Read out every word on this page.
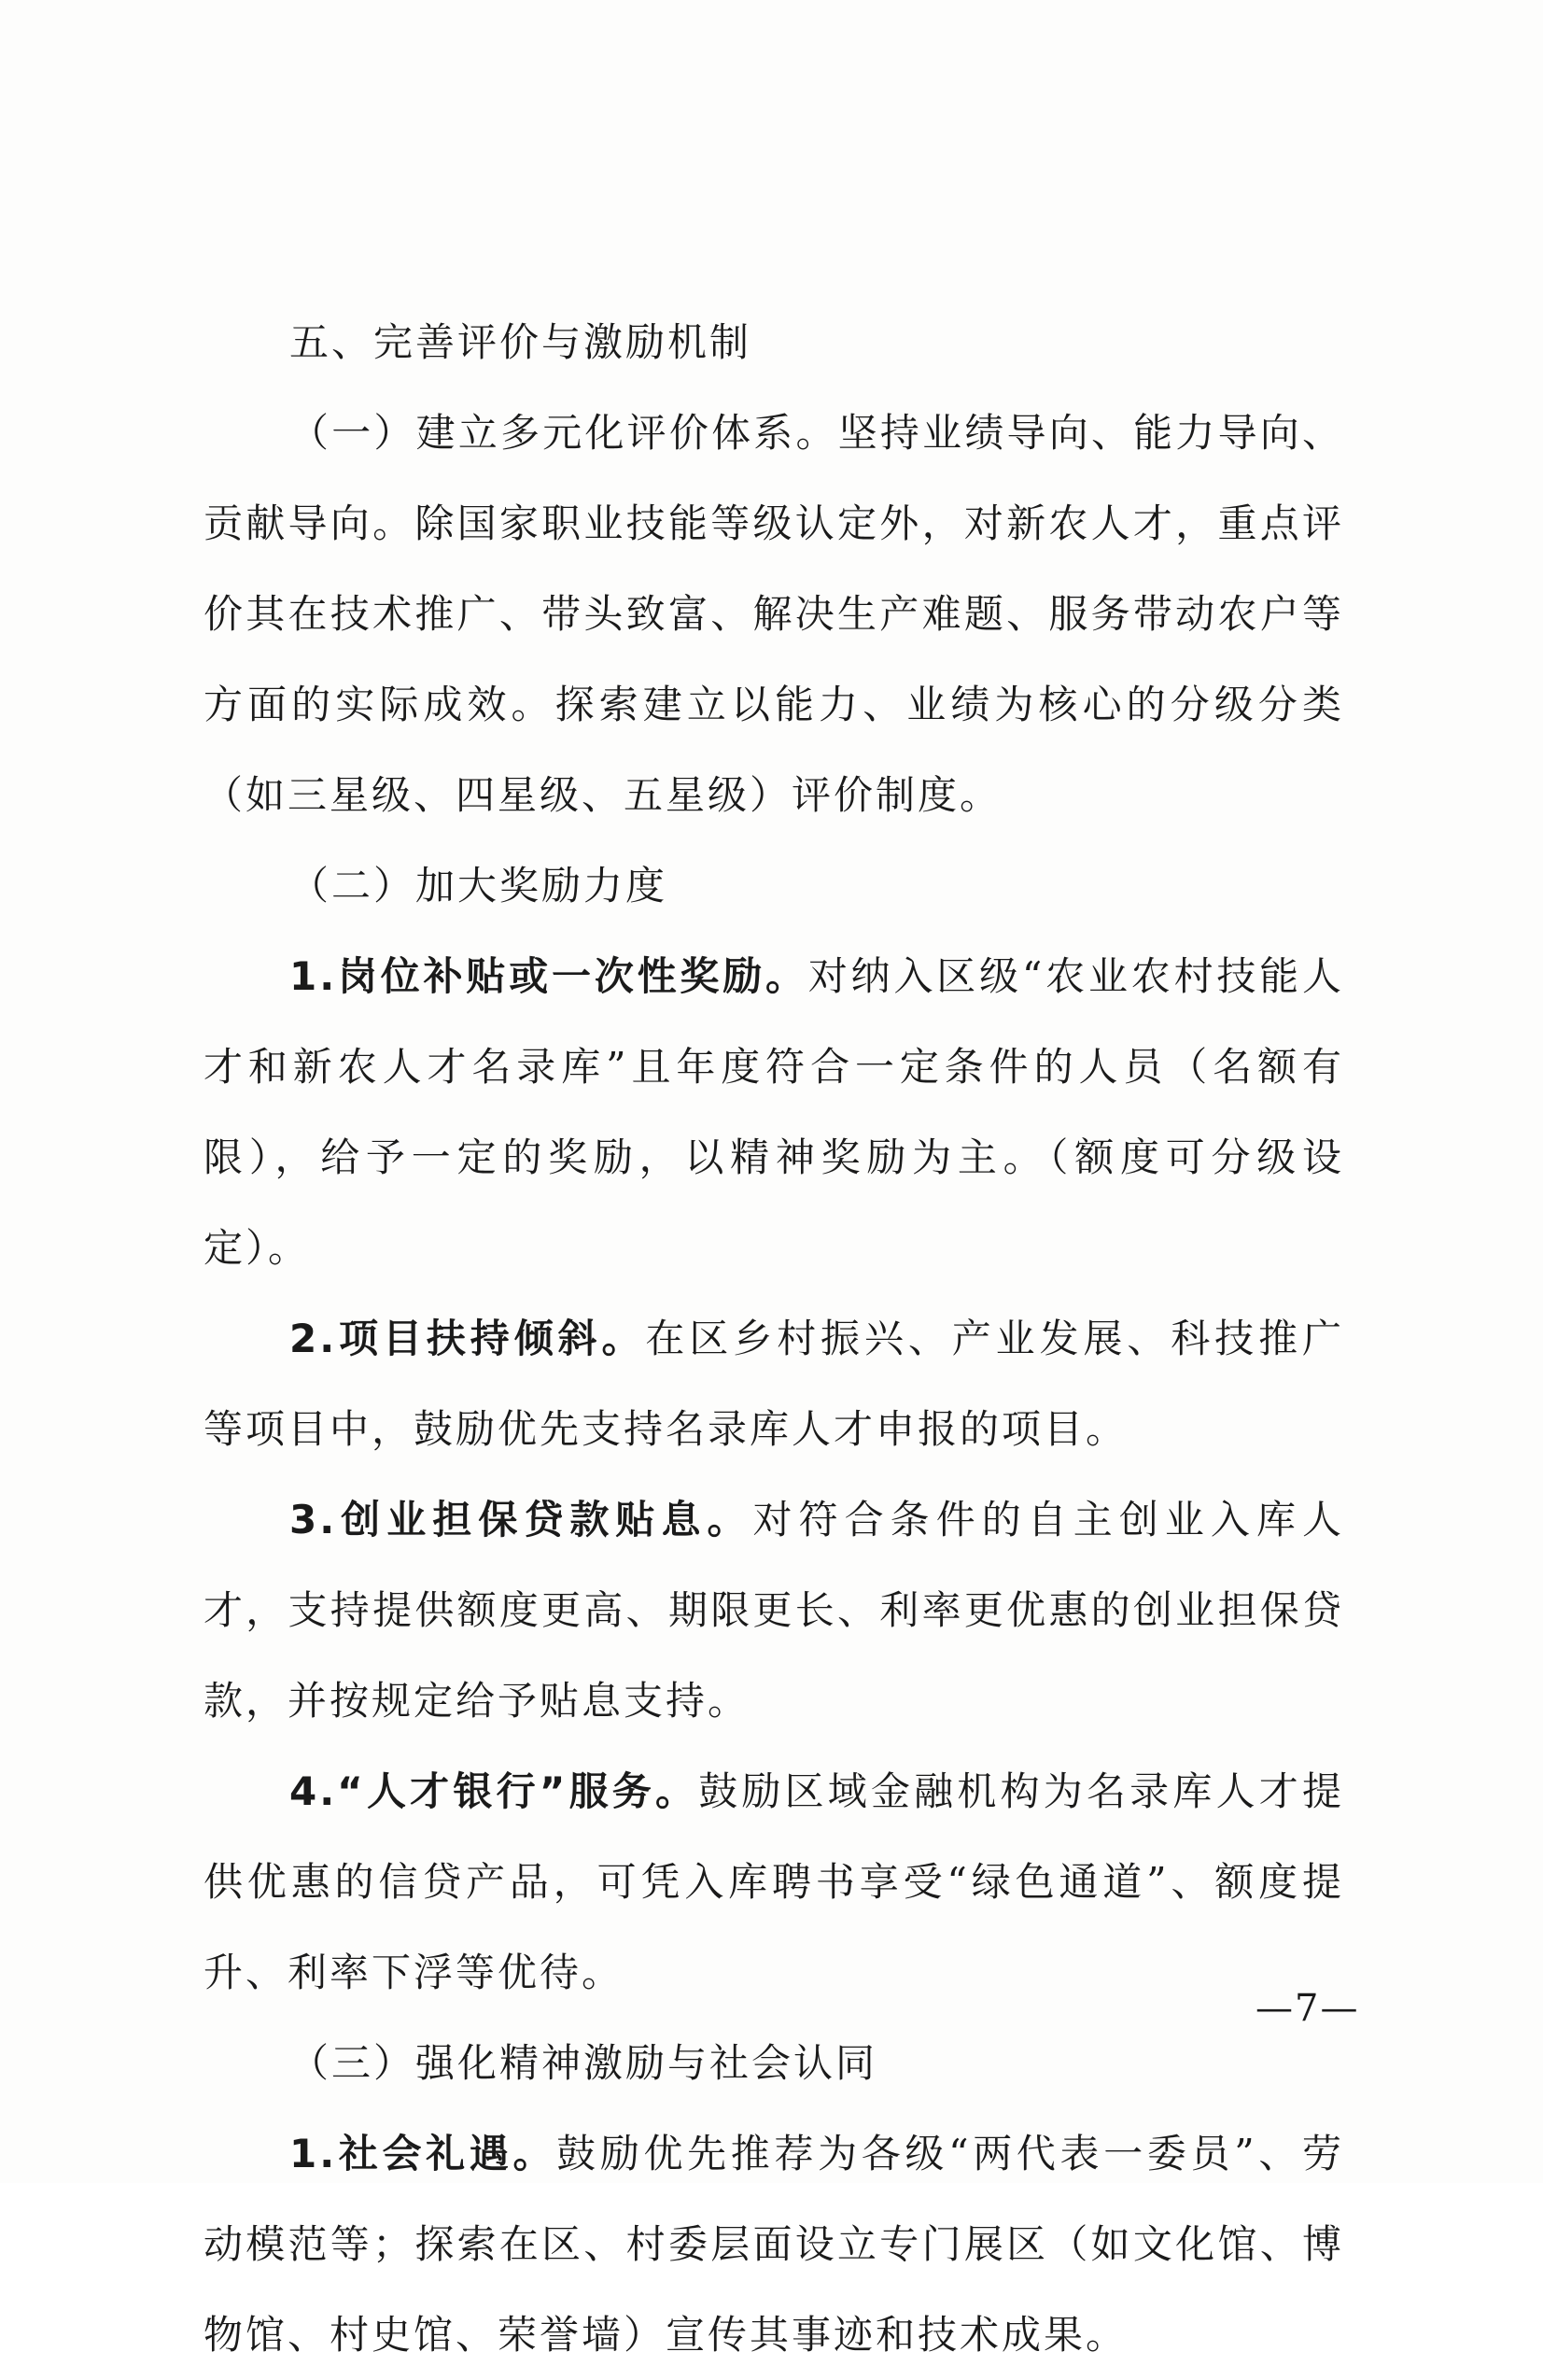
五、完善评价与激励机制

（一）建立多元化评价体系。坚持业绩导向、能力导向、贡献导向。除国家职业技能等级认定外，对新农人才，重点评价其在技术推广、带头致富、解决生产难题、服务带动农户等方面的实际成效。探索建立以能力、业绩为核心的分级分类（如三星级、四星级、五星级）评价制度。

（二）加大奖励力度

1.岗位补贴或一次性奖励。对纳入区级“农业农村技能人才和新农人才名录库”且年度符合一定条件的人员（名额有限），给予一定的奖励，以精神奖励为主。（额度可分级设定）。

2.项目扶持倾斜。在区乡村振兴、产业发展、科技推广等项目中，鼓励优先支持名录库人才申报的项目。

3.创业担保贷款贴息。对符合条件的自主创业入库人才，支持提供额度更高、期限更长、利率更优惠的创业担保贷款，并按规定给予贴息支持。

4.“人才银行”服务。鼓励区域金融机构为名录库人才提供优惠的信贷产品，可凭入库聘书享受“绿色通道”、额度提升、利率下浮等优待。

（三）强化精神激励与社会认同

1.社会礼遇。鼓励优先推荐为各级“两代表一委员”、劳动模范等；探索在区、村委层面设立专门展区（如文化馆、博物馆、村史馆、荣誉墙）宣传其事迹和技术成果。

—7—
